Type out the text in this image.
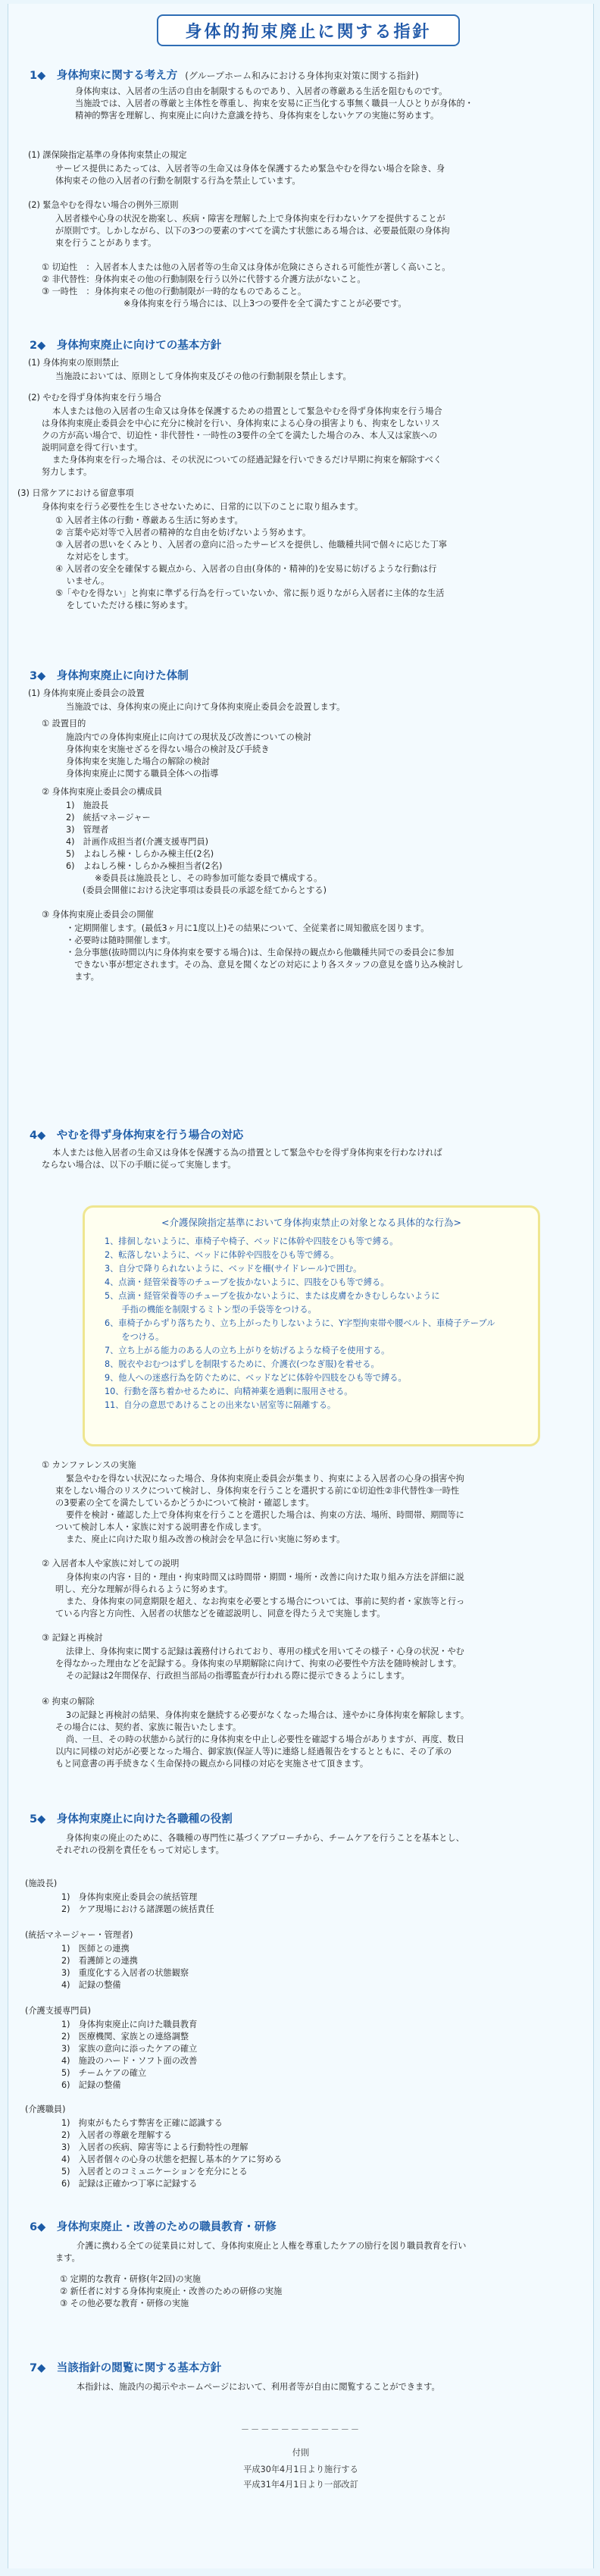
身体的拘束廃止に関する指針
1◆　身体拘束に関する考え方 (グループホーム和みにおける身体拘束対策に関する指針)
身体拘束は、入居者の生活の自由を制限するものであり、入居者の尊厳ある生活を阻むものです。
当施設では、入居者の尊厳と主体性を尊重し、拘束を安易に正当化する事無く職員一人ひとりが身体的・
精神的弊害を理解し、拘束廃止に向けた意識を持ち、身体拘束をしないケアの実施に努めます。
(1) 課保険指定基準の身体拘束禁止の規定
サービス提供にあたっては、入居者等の生命又は身体を保護するため緊急やむを得ない場合を除き、身
体拘束その他の入居者の行動を制限する行為を禁止しています。
(2) 緊急やむを得ない場合の例外三原則
入居者様や心身の状況を勘案し、疾病・障害を理解した上で身体拘束を行わないケアを提供することが
が原則です。しかしながら、以下の3つの要素のすべてを満たす状態にある場合は、必要最低限の身体拘
束を行うことがあります。
① 切迫性　：入居者本人または他の入居者等の生命又は身体が危険にさらされる可能性が著しく高いこと。
② 非代替性：身体拘束その他の行動制限を行う以外に代替する介護方法がないこと。
③ 一時性　：身体拘束その他の行動制限が一時的なものであること。
※身体拘束を行う場合には、以上3つの要件を全て満たすことが必要です。
2◆　身体拘束廃止に向けての基本方針
(1) 身体拘束の原則禁止
当施設においては、原則として身体拘束及びその他の行動制限を禁止します。
(2) やむを得ず身体拘束を行う場合
本人または他の入居者の生命又は身体を保護するための措置として緊急やむを得ず身体拘束を行う場合
は身体拘束廃止委員会を中心に充分に検討を行い、身体拘束による心身の損害よりも、拘束をしないリス
クの方が高い場合で、切迫性・非代替性・一時性の3要件の全てを満たした場合のみ、本人又は家族への
説明同意を得て行います。
また身体拘束を行った場合は、その状況についての経過記録を行いできるだけ早期に拘束を解除すべく
努力します。
(3) 日常ケアにおける留意事項
身体拘束を行う必要性を生じさせないために、日常的に以下のことに取り組みます。
① 入居者主体の行動・尊厳ある生活に努めます。
② 言葉や応対等で入居者の精神的な自由を妨げないよう努めます。
③ 入居者の思いをくみとり、入居者の意向に沿ったサービスを提供し、他職種共同で個々に応じた丁寧
　 な対応をします。
④ 入居者の安全を確保する観点から、入居者の自由(身体的・精神的)を安易に妨げるような行動は行
　 いません。
⑤「やむを得ない」と拘束に準ずる行為を行っていないか、常に振り返りながら入居者に主体的な生活
　 をしていただける様に努めます。
3◆　身体拘束廃止に向けた体制
(1) 身体拘束廃止委員会の設置
当施設では、身体拘束の廃止に向けて身体拘束廃止委員会を設置します。
① 設置目的
施設内での身体拘束廃止に向けての現状及び改善についての検討
身体拘束を実施せざるを得ない場合の検討及び手続き
身体拘束を実施した場合の解除の検討
身体拘束廃止に関する職員全体への指導
② 身体拘束廃止委員会の構成員
1)　施設長
2)　統括マネージャー
3)　管理者
4)　計画作成担当者(介護支援専門員)
5)　よねしろ棟・しらかみ棟主任(2名)
6)　よねしろ棟・しらかみ棟担当者(2名)
※委員長は施設長とし、その時参加可能な委員で構成する。
(委員会開催における決定事項は委員長の承認を経てからとする)
③ 身体拘束廃止委員会の開催
・定期開催します。(最低3ヶ月に1度以上)その結果について、全従業者に周知徹底を図ります。
・必要時は随時開催します。
・急分事態(抜時間以内に身体拘束を要する場合)は、生命保持の観点から他職種共同での委員会に参加
　できない事が想定されます。その為、意見を聞くなどの対応により各スタッフの意見を盛り込み検討し
　ます。
4◆　やむを得ず身体拘束を行う場合の対応
本人または他入居者の生命又は身体を保護する為の措置として緊急やむを得ず身体拘束を行わなければ
ならない場合は、以下の手順に従って実施します。
<介護保険指定基準において身体拘束禁止の対象となる具体的な行為>
1、排徊しないように、車椅子や椅子、ベッドに体幹や四肢をひも等で縛る。
2、転落しないように、ベッドに体幹や四肢をひも等で縛る。
3、自分で降りられないように、ベッドを柵(サイドレール)で囲む。
4、点滴・経管栄養等のチューブを抜かないように、四肢をひも等で縛る。
5、点滴・経管栄養等のチューブを抜かないように、または皮膚をかきむしらないように
　　手指の機能を制限するミトン型の手袋等をつける。
6、車椅子からずり落ちたり、立ち上がったりしないように、Y字型拘束帯や腰ベルト、車椅子テーブル
　　をつける。
7、立ち上がる能力のある人の立ち上がりを妨げるような椅子を使用する。
8、脱衣やおむつはずしを制限するために、介護衣(つなぎ服)を着せる。
9、他人への迷惑行為を防ぐために、ベッドなどに体幹や四肢をひも等で縛る。
10、行動を落ち着かせるために、向精神薬を過剰に服用させる。
11、自分の意思であけることの出来ない居室等に隔離する。
① カンファレンスの実施
緊急やむを得ない状況になった場合、身体拘束廃止委員会が集まり、拘束による入居者の心身の損害や拘
束をしない場合のリスクについて検討し、身体拘束を行うことを選択する前に①切迫性②非代替性③一時性
の3要素の全てを満たしているかどうかについて検討・確認します。
要件を検討・確認した上で身体拘束を行うことを選択した場合は、拘束の方法、場所、時間帯、期間等に
ついて検討し本人・家族に対する説明書を作成します。
また、廃止に向けた取り組み改善の検討会を早急に行い実施に努めます。
② 入居者本人や家族に対しての説明
身体拘束の内容・目的・理由・拘束時間又は時間帯・期間・場所・改善に向けた取り組み方法を詳細に説
明し、充分な理解が得られるように努めます。
また、身体拘束の同意期限を超え、なお拘束を必要とする場合については、事前に契約者・家族等と行っ
ている内容と方向性、入居者の状態などを確認説明し、同意を得たうえで実施します。
③ 記録と再検討
法律上、身体拘束に関する記録は義務付けられており、専用の様式を用いてその様子・心身の状況・やむ
を得なかった理由などを記録する。身体拘束の早期解除に向けて、拘束の必要性や方法を随時検討します。
その記録は2年間保存、行政担当部局の指導監査が行われる際に提示できるようにします。
④ 拘束の解除
3の記録と再検討の結果、身体拘束を継続する必要がなくなった場合は、速やかに身体拘束を解除します。
その場合には、契約者、家族に報告いたします。
尚、一旦、その時の状態から試行的に身体拘束を中止し必要性を確認する場合がありますが、再度、数日
以内に同様の対応が必要となった場合、御家族(保証人等)に連絡し経過報告をするとともに、その了承の
もと同意書の再手続きなく生命保持の観点から同様の対応を実施させて頂きます。
5◆　身体拘束廃止に向けた各職種の役割
身体拘束の廃止のために、各職種の専門性に基づくアプローチから、チームケアを行うことを基本とし、
それぞれの役割を責任をもって対応します。
(施設長)
1)　身体拘束廃止委員会の統括管理
2)　ケア現場における諸課題の統括責任
(統括マネージャー・管理者)
1)　医師との連携
2)　看護師との連携
3)　重度化する入居者の状態観察
4)　記録の整備
(介護支援専門員)
1)　身体拘束廃止に向けた職員教育
2)　医療機関、家族との連絡調整
3)　家族の意向に添ったケアの確立
4)　施設のハード・ソフト面の改善
5)　チームケアの確立
6)　記録の整備
(介護職員)
1)　拘束がもたらす弊害を正確に認識する
2)　入居者の尊厳を理解する
3)　入居者の疾病、障害等による行動特性の理解
4)　入居者個々の心身の状態を把握し基本的ケアに努める
5)　入居者とのコミュニケーションを充分にとる
6)　記録は正確かつ丁寧に記録する
6◆　身体拘束廃止・改善のための職員教育・研修
介護に携わる全ての従業員に対して、身体拘束廃止と人権を尊重したケアの励行を図り職員教育を行い
ます。
① 定期的な教育・研修(年2回)の実施
② 新任者に対する身体拘束廃止・改善のための研修の実施
③ その他必要な教育・研修の実施
7◆　当該指針の閲覧に関する基本方針
本指針は、施設内の掲示やホームページにおいて、利用者等が自由に閲覧することができます。
－－－－－－－－－－－－
付則
平成30年4月1日より施行する
平成31年4月1日より一部改訂
